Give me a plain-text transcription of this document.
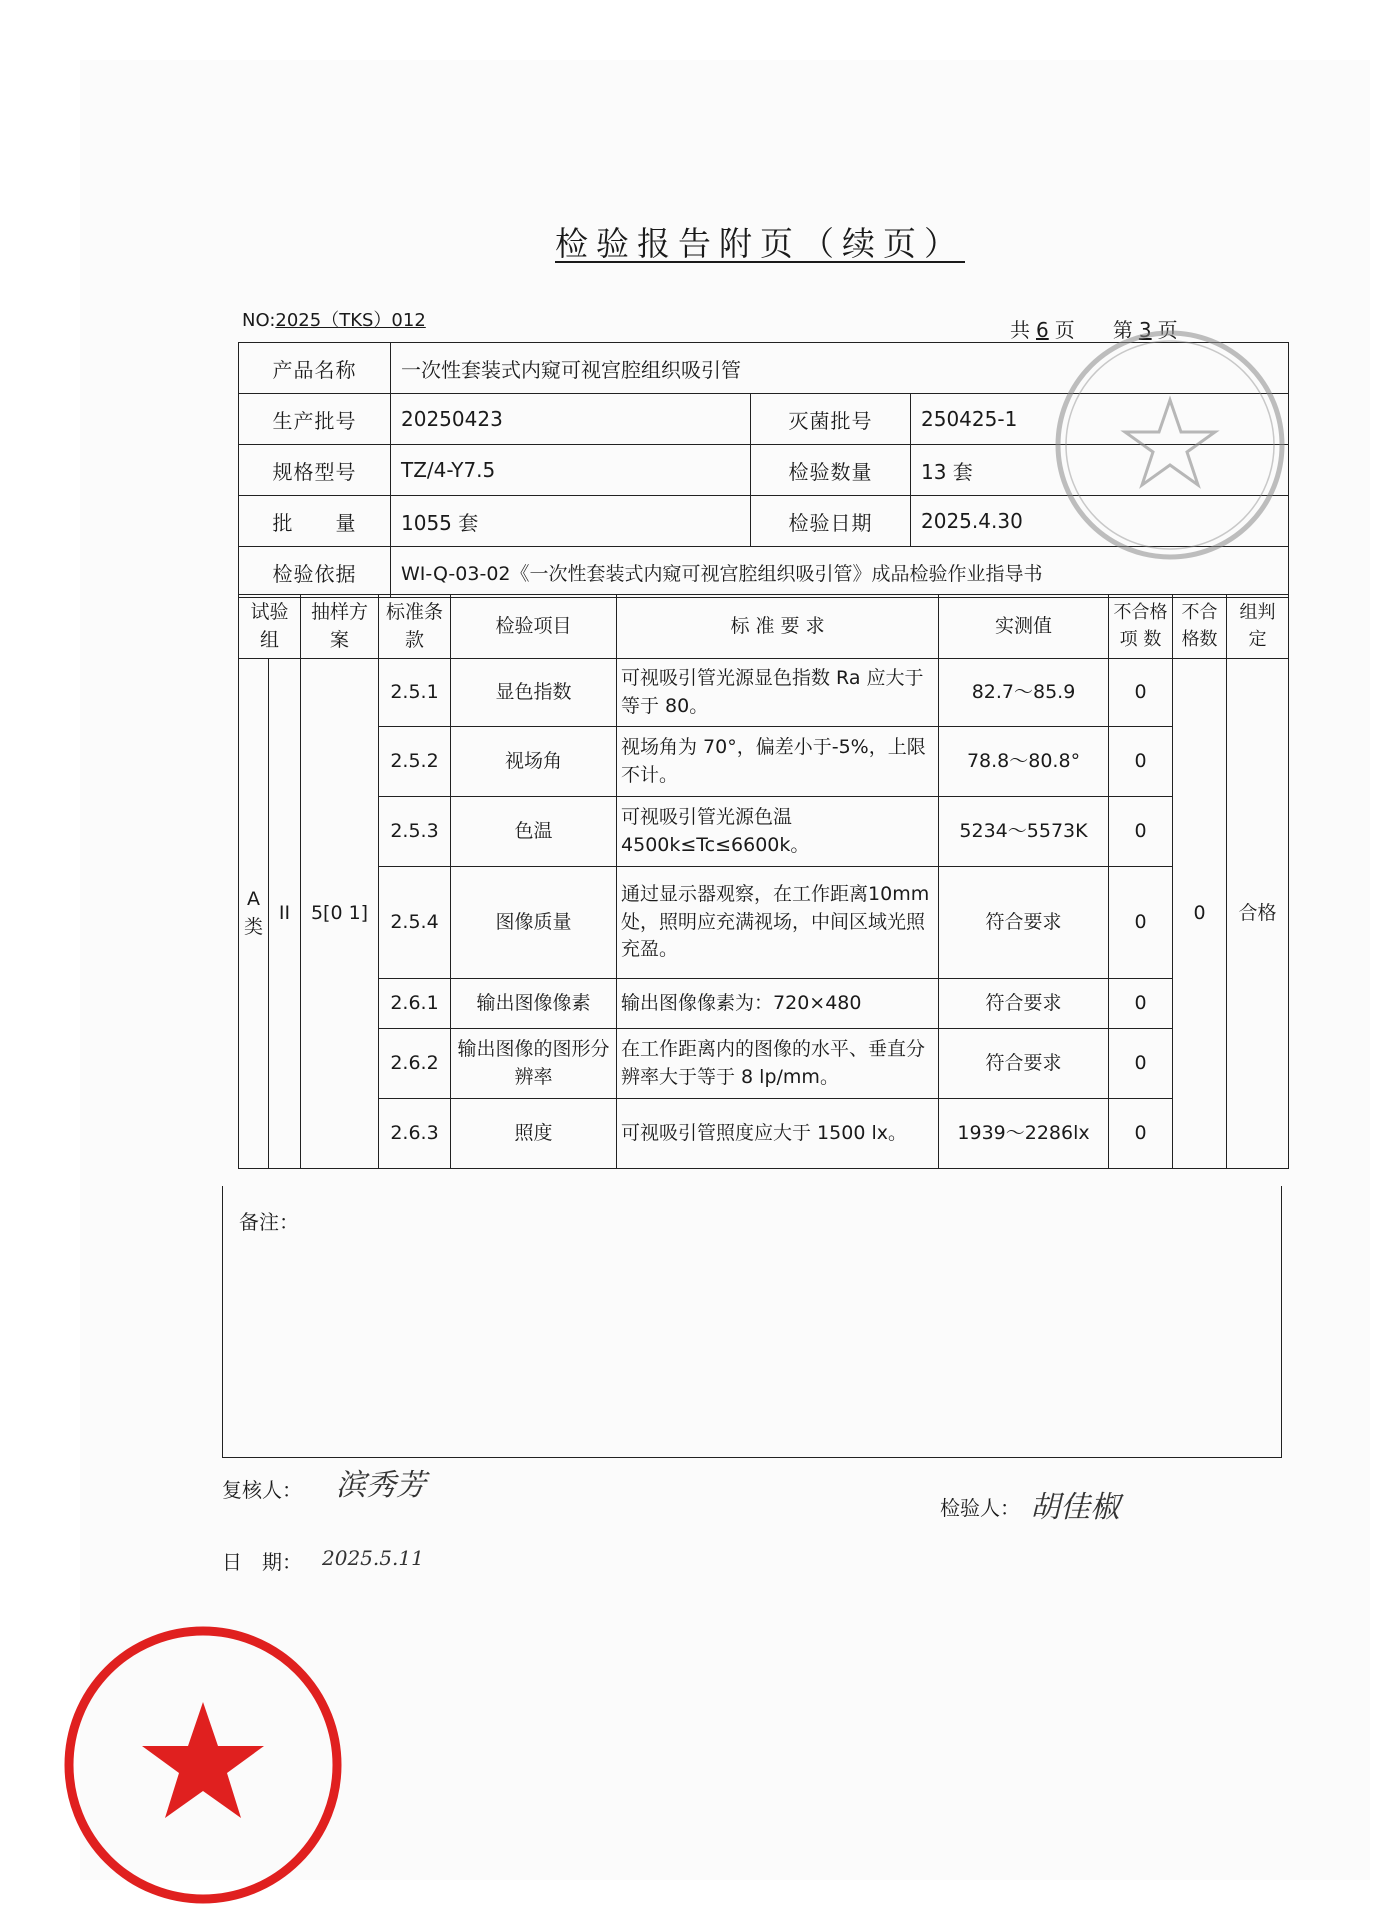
检验报告附页（续页）
NO:2025（TKS）012	共 6 页 第 3 页
产品名称	一次性套装式内窥可视宫腔组织吸引管		
生产批号	20250423	灭菌批号	250425-1
规格型号	TZ/4-Y7.5	检验数量	13 套
批　　量	1055 套	检验日期	2025.4.30
检验依据	WI-Q-03-02《一次性套装式内窥可视宫腔组织吸引管》成品检验作业指导书		
试验组		抽样方案	标准条款	检验项目	标 准 要 求	实测值	不合格项 数	不合格数	组判定
A类	II	5[0 1]	2.5.1	显色指数	可视吸引管光源显色指数 Ra 应大于等于 80。	82.7～85.9	0	0	合格
			2.5.2	视场角	视场角为 70°，偏差小于-5%，上限不计。	78.8～80.8°	0		
			2.5.3	色温	可视吸引管光源色温 4500k≤Tc≤6600k。	5234～5573K	0		
			2.5.4	图像质量	通过显示器观察，在工作距离10mm 处，照明应充满视场，中间区域光照充盈。	符合要求	0		
			2.6.1	输出图像像素	输出图像像素为：720×480	符合要求	0		
			2.6.2	输出图像的图形分辨率	在工作距离内的图像的水平、垂直分辨率大于等于 8 lp/mm。	符合要求	0		
			2.6.3	照度	可视吸引管照度应大于 1500 lx。	1939～2286lx	0		
备注：
复核人： 滨秀芳
检验人： 胡佳椒
日　期： 2025.5.11
